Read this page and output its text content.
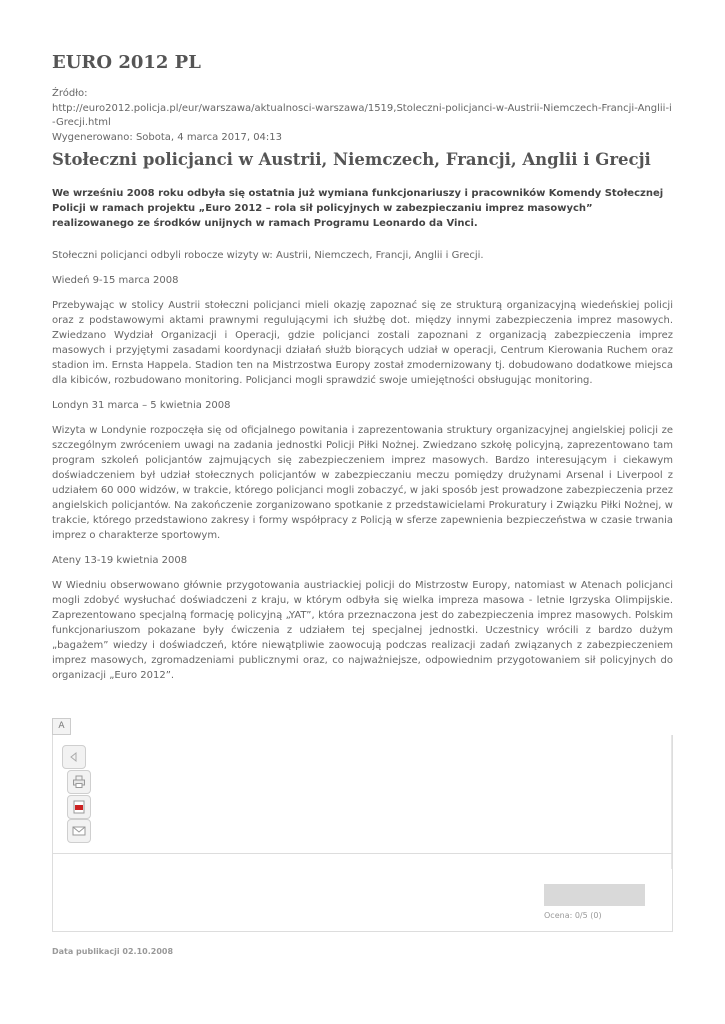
EURO 2012 PL
Źródło:
http://euro2012.policja.pl/eur/warszawa/aktualnosci-warszawa/1519,Stoleczni-policjanci-w-Austrii-Niemczech-Francji-Anglii-i-Grecji.html
Wygenerowano: Sobota, 4 marca 2017, 04:13
Stołeczni policjanci w Austrii, Niemczech, Francji, Anglii i Grecji

We wrześniu 2008 roku odbyła się ostatnia już wymiana funkcjonariuszy i pracowników Komendy Stołecznej Policji w ramach projektu „Euro 2012 – rola sił policyjnych w zabezpieczaniu imprez masowych” realizowanego ze środków unijnych w ramach Programu Leonardo da Vinci.

Stołeczni policjanci odbyli robocze wizyty w: Austrii, Niemczech, Francji, Anglii i Grecji.

Wiedeń 9-15 marca 2008

Przebywając w stolicy Austrii stołeczni policjanci mieli okazję zapoznać się ze strukturą organizacyjną wiedeńskiej policji oraz z podstawowymi aktami prawnymi regulującymi ich służbę dot. między innymi zabezpieczenia imprez masowych. Zwiedzano Wydział Organizacji i Operacji, gdzie policjanci zostali zapoznani z organizacją zabezpieczenia imprez masowych i przyjętymi zasadami koordynacji działań służb biorących udział w operacji, Centrum Kierowania Ruchem oraz stadion im. Ernsta Happela. Stadion ten na Mistrzostwa Europy został zmodernizowany tj. dobudowano dodatkowe miejsca dla kibiców, rozbudowano monitoring. Policjanci mogli sprawdzić swoje umiejętności obsługując monitoring.

Londyn 31 marca – 5 kwietnia 2008

Wizyta w Londynie rozpoczęła się od oficjalnego powitania i zaprezentowania struktury organizacyjnej angielskiej policji ze szczególnym zwróceniem uwagi na zadania jednostki Policji Piłki Nożnej. Zwiedzano szkołę policyjną, zaprezentowano tam program szkoleń policjantów zajmujących się zabezpieczeniem imprez masowych. Bardzo interesującym i ciekawym doświadczeniem był udział stołecznych policjantów w zabezpieczaniu meczu pomiędzy drużynami Arsenal i Liverpool z udziałem 60 000 widzów, w trakcie, którego policjanci mogli zobaczyć, w jaki sposób jest prowadzone zabezpieczenia przez angielskich policjantów. Na zakończenie zorganizowano spotkanie z przedstawicielami Prokuratury i Związku Piłki Nożnej, w trakcie, którego przedstawiono zakresy i formy współpracy z Policją w sferze zapewnienia bezpieczeństwa w czasie trwania imprez o charakterze sportowym.

Ateny 13-19 kwietnia 2008

W Wiedniu obserwowano głównie przygotowania austriackiej policji do Mistrzostw Europy, natomiast w Atenach policjanci mogli zdobyć wysłuchać doświadczeni z kraju, w którym odbyła się wielka impreza masowa - letnie Igrzyska Olimpijskie. Zaprezentowano specjalną formację policyjną „YAT”, która przeznaczona jest do zabezpieczenia imprez masowych. Polskim funkcjonariuszom pokazane były ćwiczenia z udziałem tej specjalnej jednostki. Uczestnicy wrócili z bardzo dużym „bagażem” wiedzy i doświadczeń, które niewątpliwie zaowocują podczas realizacji zadań związanych z zabezpieczeniem imprez masowych, zgromadzeniami publicznymi oraz, co najważniejsze, odpowiednim przygotowaniem sił policyjnych do organizacji „Euro 2012”.

A
Ocena: 0/5 (0)
Data publikacji 02.10.2008
